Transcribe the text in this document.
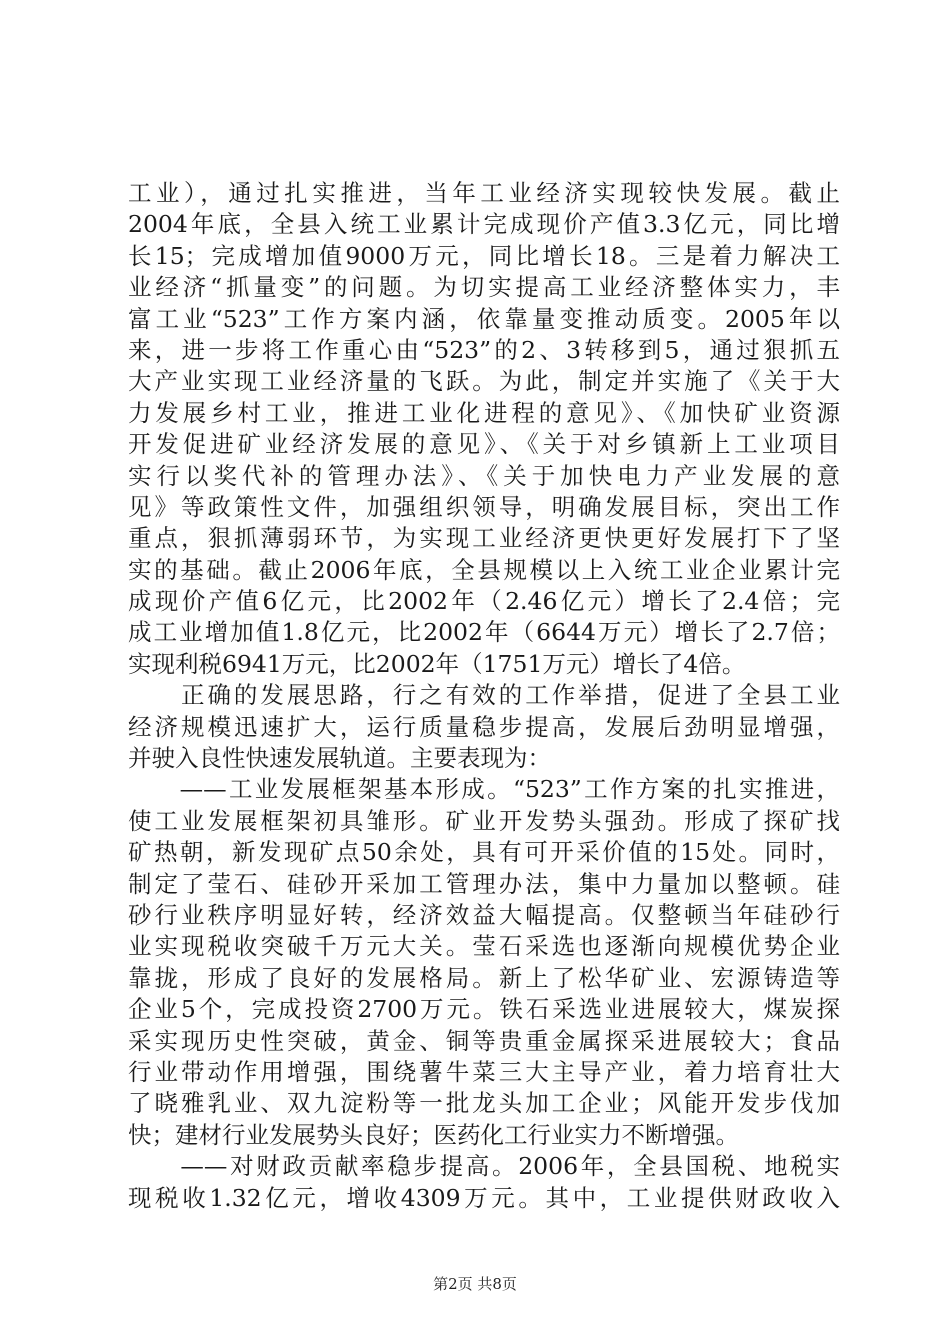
工业），通过扎实推进，当年工业经济实现较快发展。截止
2004年底，全县入统工业累计完成现价产值3.3亿元，同比增
长15；完成增加值9000万元，同比增长18。三是着力解决工
业经济“抓量变”的问题。为切实提高工业经济整体实力，丰
富工业“523”工作方案内涵，依靠量变推动质变。2005年以
来，进一步将工作重心由“523”的2、3转移到5，通过狠抓五
大产业实现工业经济量的飞跃。为此，制定并实施了《关于大
力发展乡村工业，推进工业化进程的意见》、《加快矿业资源
开发促进矿业经济发展的意见》、《关于对乡镇新上工业项目
实行以奖代补的管理办法》、《关于加快电力产业发展的意
见》等政策性文件，加强组织领导，明确发展目标，突出工作
重点，狠抓薄弱环节，为实现工业经济更快更好发展打下了坚
实的基础。截止2006年底，全县规模以上入统工业企业累计完
成现价产值6亿元，比2002年（2.46亿元）增长了2.4倍；完
成工业增加值1.8亿元，比2002年（6644万元）增长了2.7倍；
实现利税6941万元，比2002年（1751万元）增长了4倍。
　　正确的发展思路，行之有效的工作举措，促进了全县工业
经济规模迅速扩大，运行质量稳步提高，发展后劲明显增强，
并驶入良性快速发展轨道。主要表现为：
　　——工业发展框架基本形成。“523”工作方案的扎实推进，
使工业发展框架初具雏形。矿业开发势头强劲。形成了探矿找
矿热朝，新发现矿点50余处，具有可开采价值的15处。同时，
制定了莹石、硅砂开采加工管理办法，集中力量加以整顿。硅
砂行业秩序明显好转，经济效益大幅提高。仅整顿当年硅砂行
业实现税收突破千万元大关。莹石采选也逐渐向规模优势企业
靠拢，形成了良好的发展格局。新上了松华矿业、宏源铸造等
企业5个，完成投资2700万元。铁石采选业进展较大，煤炭探
采实现历史性突破，黄金、铜等贵重金属探采进展较大；食品
行业带动作用增强，围绕薯牛菜三大主导产业，着力培育壮大
了晓雅乳业、双九淀粉等一批龙头加工企业；风能开发步伐加
快；建材行业发展势头良好；医药化工行业实力不断增强。
　　——对财政贡献率稳步提高。2006年，全县国税、地税实
现税收1.32亿元，增收4309万元。其中，工业提供财政收入
第2页 共8页
